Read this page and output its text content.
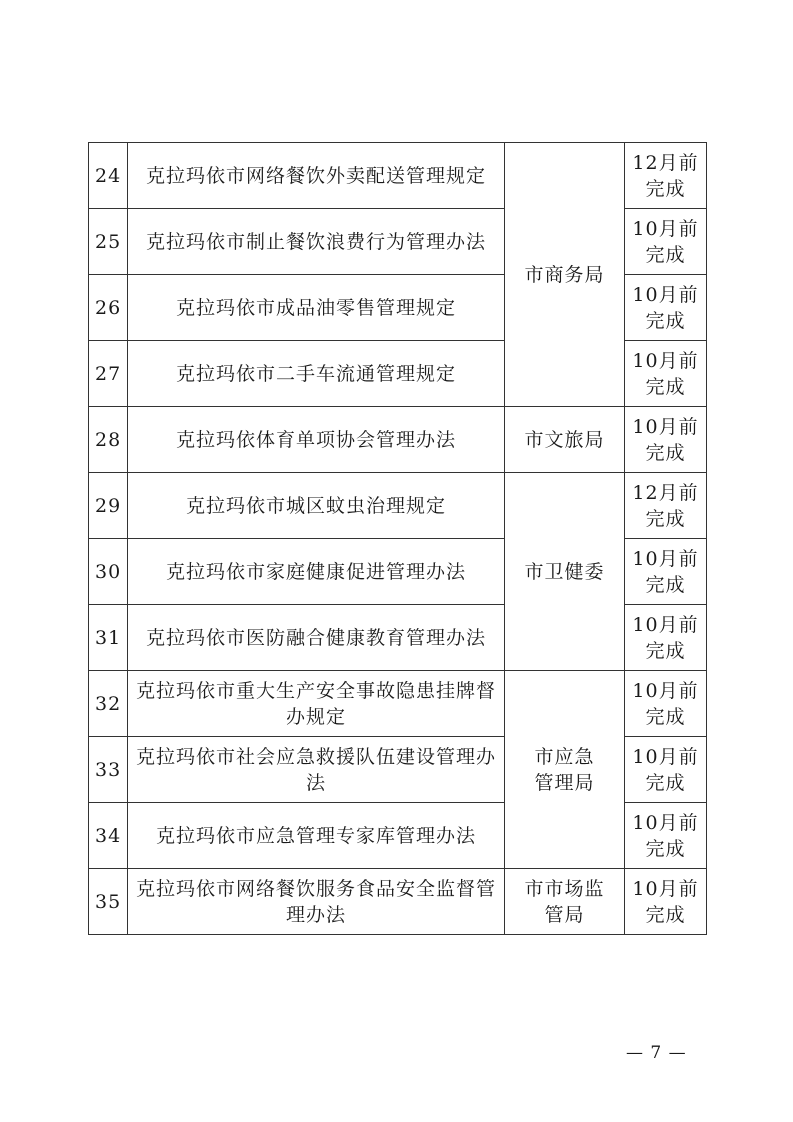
24	克拉玛依市网络餐饮外卖配送管理规定	市商务局	12月前
完成
25	克拉玛依市制止餐饮浪费行为管理办法		10月前
完成
26	克拉玛依市成品油零售管理规定		10月前
完成
27	克拉玛依市二手车流通管理规定		10月前
完成
28	克拉玛依体育单项协会管理办法	市文旅局	10月前
完成
29	克拉玛依市城区蚊虫治理规定	市卫健委	12月前
完成
30	克拉玛依市家庭健康促进管理办法		10月前
完成
31	克拉玛依市医防融合健康教育管理办法		10月前
完成
32	克拉玛依市重大生产安全事故隐患挂牌督办规定	市应急
管理局	10月前
完成
33	克拉玛依市社会应急救援队伍建设管理办法		10月前
完成
34	克拉玛依市应急管理专家库管理办法		10月前
完成
35	克拉玛依市网络餐饮服务食品安全监督管理办法	市市场监
管局	10月前
完成
— 7 —
